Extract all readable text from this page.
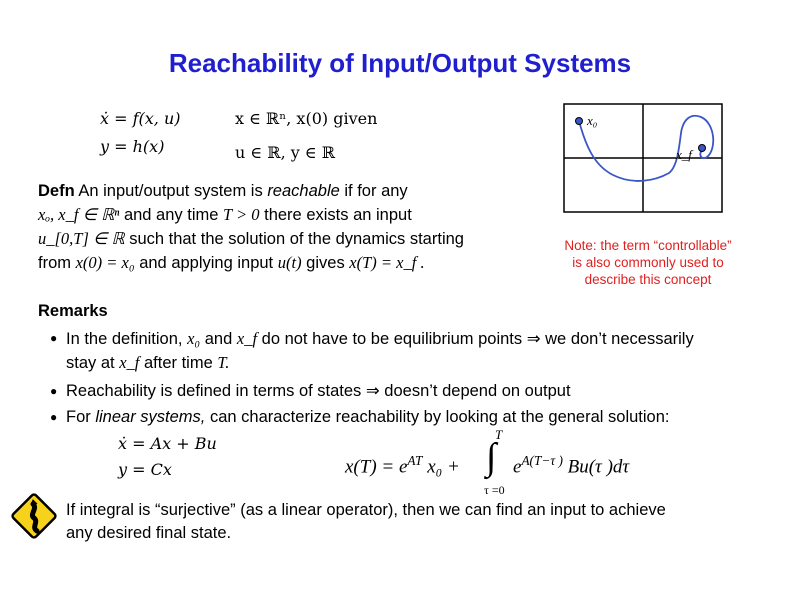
Reachability of Input/Output Systems
ẋ = f(x, u)
y = h(x)
x ∈ ℝⁿ, x(0) given
u ∈ ℝ, y ∈ ℝ
Defn An input/output system is reachable if for any
xₒ, x_f ∈ ℝⁿ and any time T > 0 there exists an input
u_[0,T] ∈ ℝ such that the solution of the dynamics starting
from x(0) = x₀ and applying input u(t) gives x(T) = x_f .
x₀
x_f
Note: the term “controllable”
is also commonly used to
describe this concept
Remarks
● In the definition, x₀ and x_f do not have to be equilibrium points ⇒ we don’t necessarily
stay at x_f after time T.
● Reachability is defined in terms of states ⇒ doesn’t depend on output
● For linear systems, can characterize reachability by looking at the general solution:
ẋ = Ax + Bu
y = Cx	$x(T) = e^{AT}$ x₀ +
T
∫
τ =0
$e^{A(T-\tau )}$ Bu(τ )dτ
If integral is “surjective” (as a linear operator), then we can find an input to achieve
any desired final state.
